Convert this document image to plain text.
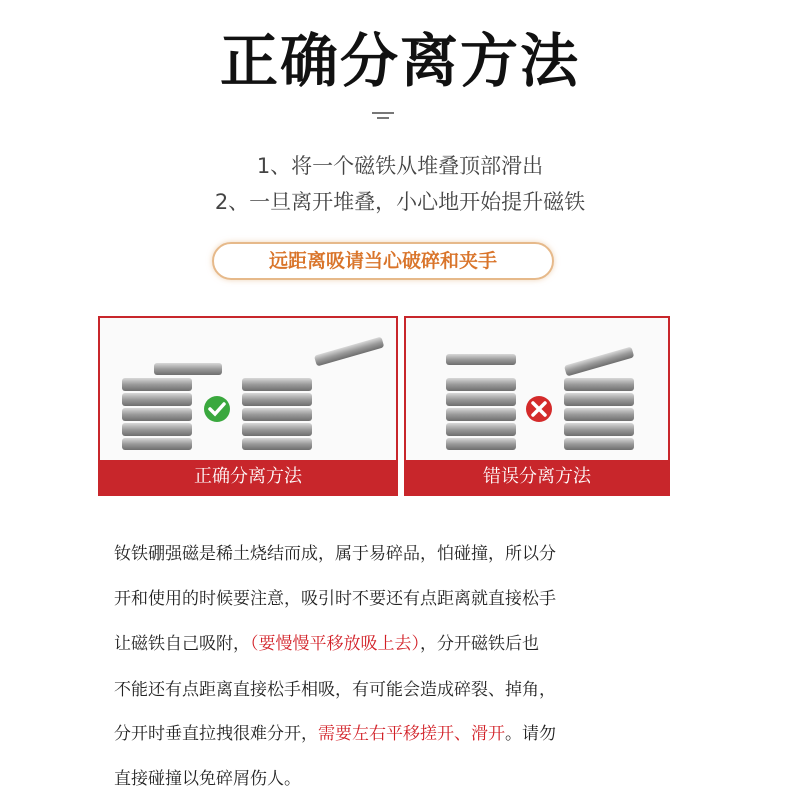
正确分离方法
1、将一个磁铁从堆叠顶部滑出
2、一旦离开堆叠，小心地开始提升磁铁
远距离吸请当心破碎和夹手
正确分离方法	错误分离方法
钕铁硼强磁是稀土烧结而成，属于易碎品，怕碰撞，所以分
开和使用的时候要注意，吸引时不要还有点距离就直接松手
让磁铁自己吸附，（要慢慢平移放吸上去），分开磁铁后也
不能还有点距离直接松手相吸，有可能会造成碎裂、掉角，
分开时垂直拉拽很难分开，需要左右平移搓开、滑开。请勿
直接碰撞以免碎屑伤人。
